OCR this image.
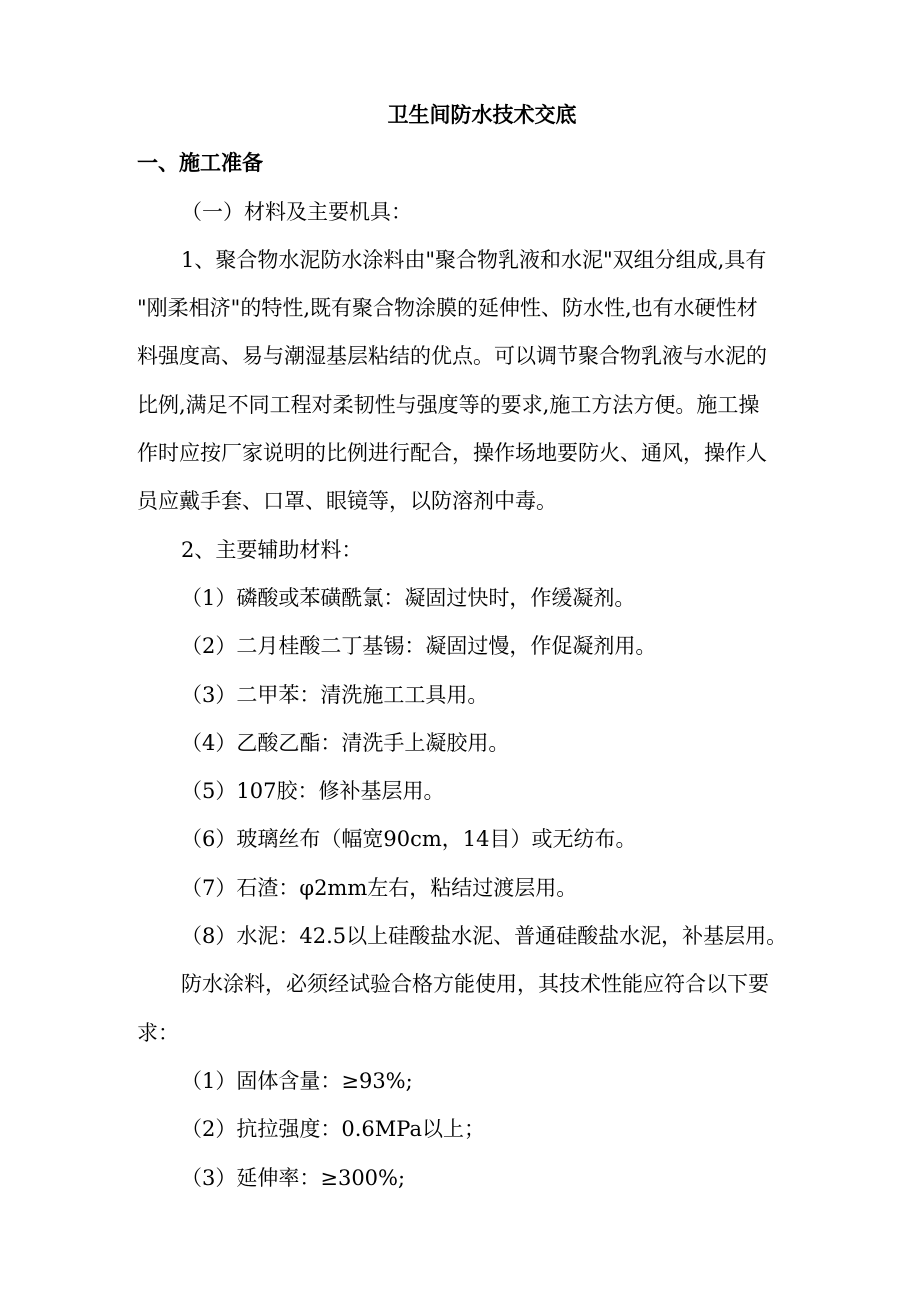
卫生间防水技术交底
一、施工准备
（一）材料及主要机具：
1、聚合物水泥防水涂料由"聚合物乳液和水泥"双组分组成,具有
"刚柔相济"的特性,既有聚合物涂膜的延伸性、防水性,也有水硬性材
料强度高、易与潮湿基层粘结的优点。可以调节聚合物乳液与水泥的
比例,满足不同工程对柔韧性与强度等的要求,施工方法方便。施工操
作时应按厂家说明的比例进行配合，操作场地要防火、通风，操作人
员应戴手套、口罩、眼镜等，以防溶剂中毒。
2、主要辅助材料：
（1）磷酸或苯磺酰氯：凝固过快时，作缓凝剂。
（2）二月桂酸二丁基锡：凝固过慢，作促凝剂用。
（3）二甲苯：清洗施工工具用。
（4）乙酸乙酯：清洗手上凝胶用。
（5）107胶：修补基层用。
（6）玻璃丝布（幅宽90cm，14目）或无纺布。
（7）石渣：φ2mm左右，粘结过渡层用。
（8）水泥：42.5以上硅酸盐水泥、普通硅酸盐水泥，补基层用。
防水涂料，必须经试验合格方能使用，其技术性能应符合以下要
求：
（1）固体含量：≥93%;
（2）抗拉强度：0.6MPa以上；
（3）延伸率：≥300%;
